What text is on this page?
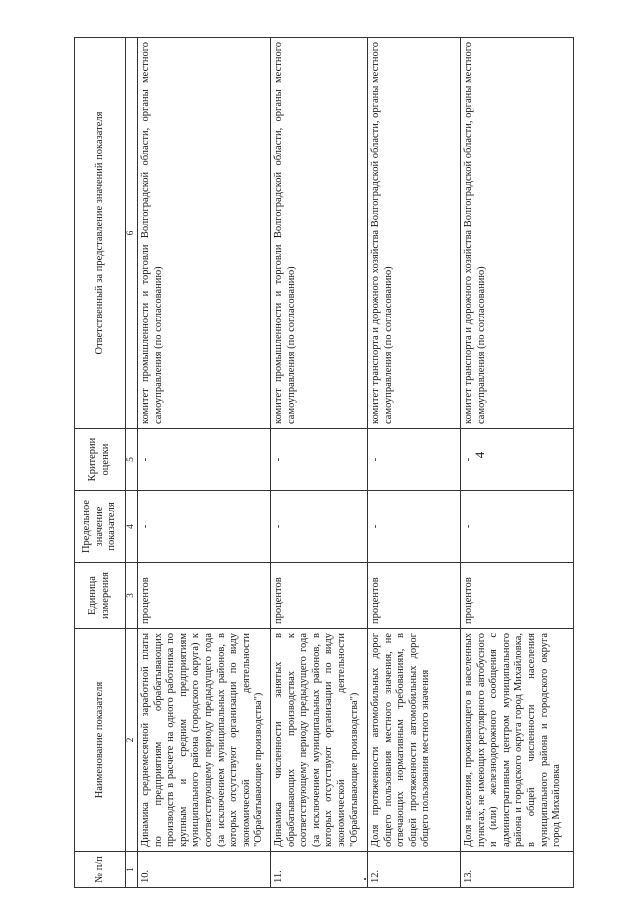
4
№ п/п	Наименование показателя	Единица измерения	Предельное значение показателя	Критерии оценки	Ответственный за представление значений показателя
1	2	3	4	5	6
10.	Динамика среднемесячной заработной платы по предприятиям обрабатывающих производств в расчете на одного работника по крупным и средним предприятиям муниципального района (городского округа) к соответствующему периоду предыдущего года (за исключением муниципальных районов, в которых отсутствуют организации по виду экономической деятельности "Обрабатывающие производства")	процентов	-	-	комитет промышленности и торговли Волгоградской области, органы местного самоуправления (по согласованию)
11.	Динамика численности занятых в обрабатывающих производствах к соответствующему периоду предыдущего года (за исключением муниципальных районов, в которых отсутствуют организации по виду экономической деятельности "Обрабатывающие производства")	процентов	-	-	комитет промышленности и торговли Волгоградской области, органы местного самоуправления (по согласованию)
12.	Доля протяженности автомобильных дорог общего пользования местного значения, не отвечающих нормативным требованиям, в общей протяженности автомобильных дорог общего пользования местного значения	процентов	-	-	комитет транспорта и дорожного хозяйства Волгоградской области, органы местного самоуправления (по согласованию)
13.	Доля населения, проживающего в населенных пунктах, не имеющих регулярного автобусного и (или) железнодорожного сообщения с административным центром муниципального района и городского округа город Михайловка, в общей численности населения муниципального района и городского округа город Михайловка	процентов	-	-	комитет транспорта и дорожного хозяйства Волгоградской области, органы местного самоуправления (по согласованию)
